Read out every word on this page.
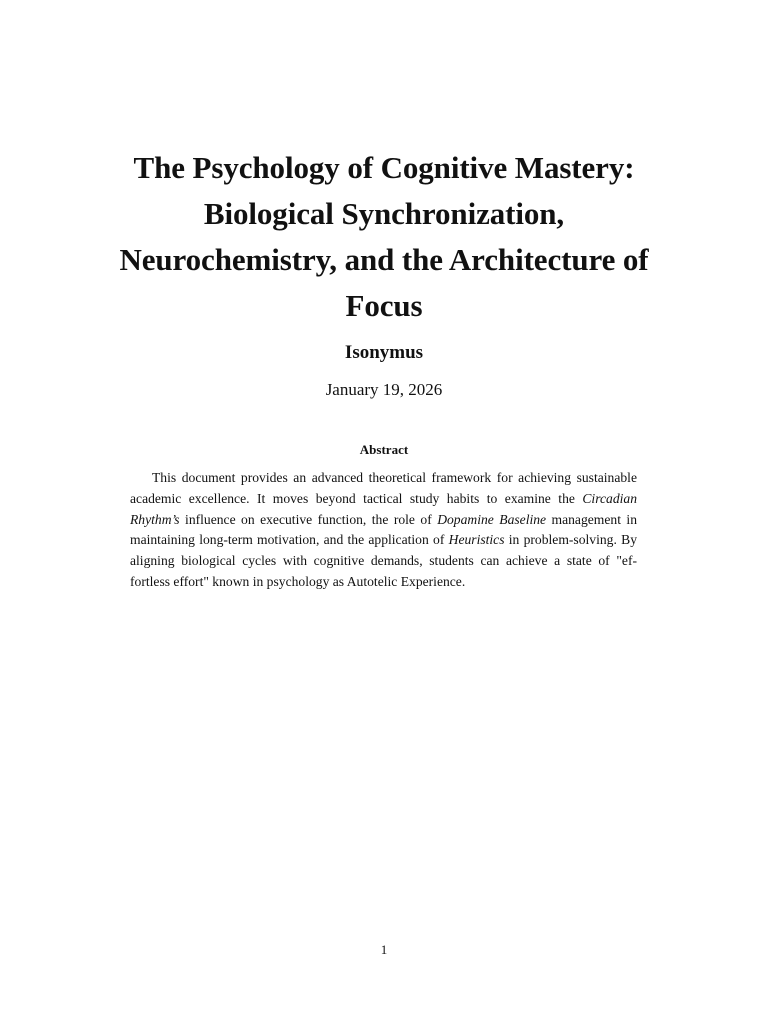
The Psychology of Cognitive Mastery:
Biological Synchronization,
Neurochemistry, and the Architecture of
Focus
Isonymus
January 19, 2026
Abstract

This document provides an advanced theoretical framework for achieving sustainable academic excellence. It moves beyond tactical study habits to examine the Circadian Rhythm’s influence on executive function, the role of Dopamine Baseline management in maintaining long-term motivation, and the application of Heuristics in problem-solving. By aligning biological cycles with cognitive demands, students can achieve a state of "ef-fortless effort" known in psychology as Autotelic Experience.

1
